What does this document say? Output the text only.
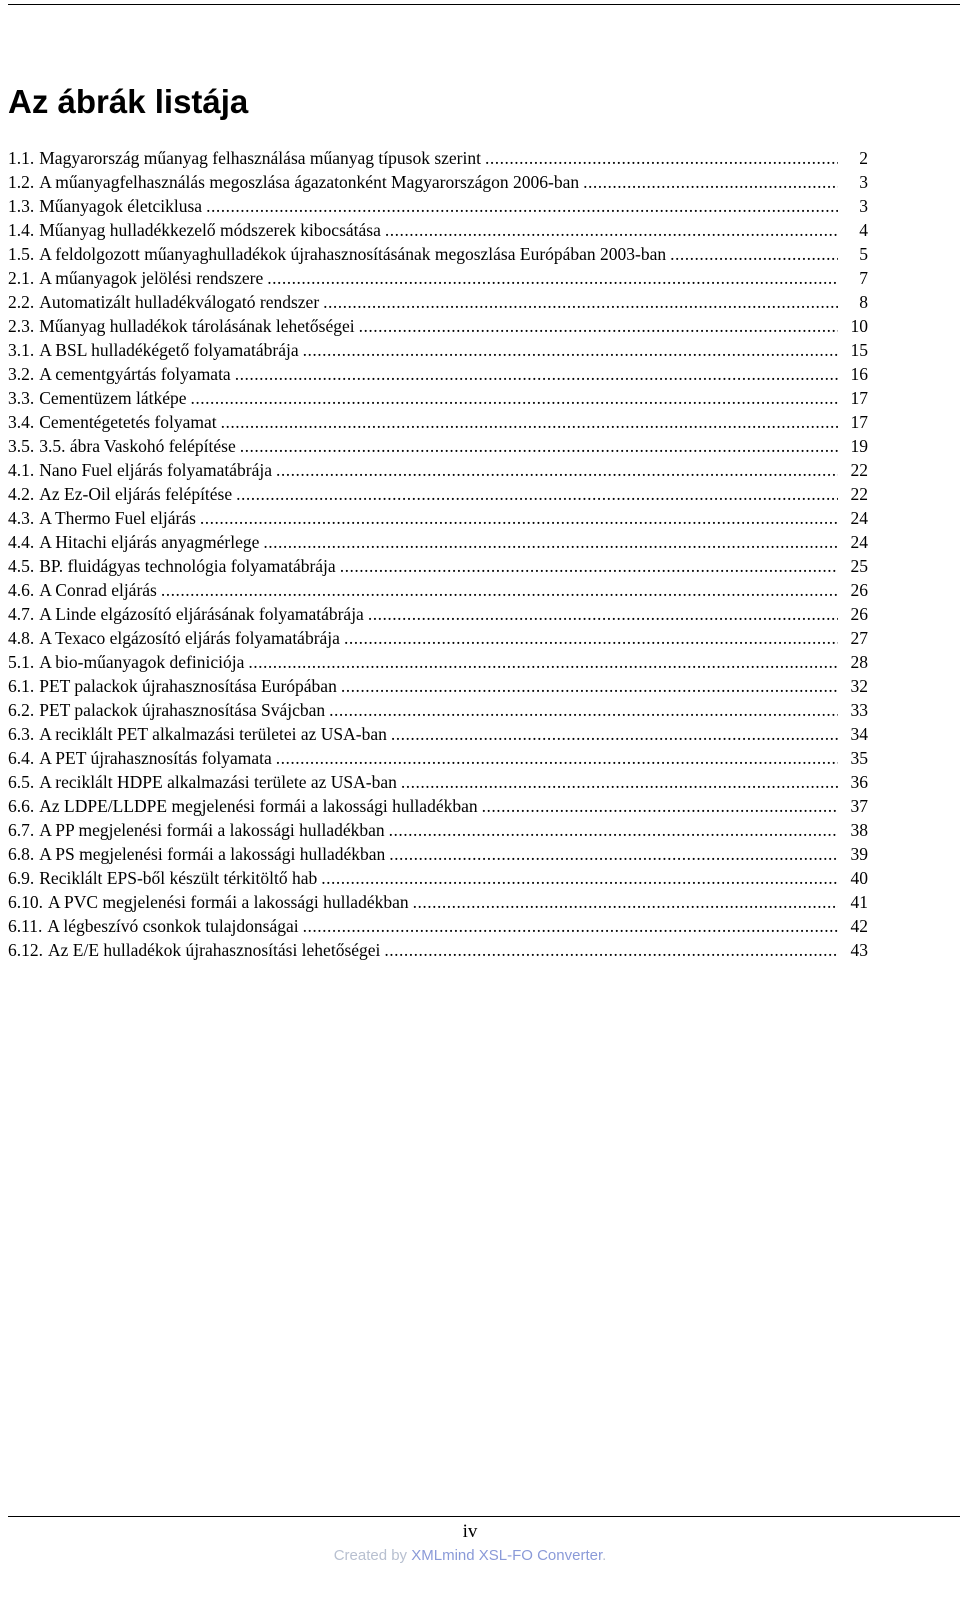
Az ábrák listája
1.1. Magyarország műanyag felhasználása műanyag típusok szerint .....	2
1.2. A műanyagfelhasználás megoszlása ágazatonként Magyarországon 2006-ban .....	3
1.3. Műanyagok életciklusa .....	3
1.4. Műanyag hulladékkezelő módszerek kibocsátása .....	4
1.5. A feldolgozott műanyaghulladékok újrahasznosításának megoszlása Európában 2003-ban .....	5
2.1. A műanyagok jelölési rendszere .....	7
2.2. Automatizált hulladékválogató rendszer .....	8
2.3. Műanyag hulladékok tárolásának lehetőségei .....	10
3.1. A BSL hulladékégető folyamatábrája .....	15
3.2. A cementgyártás folyamata .....	16
3.3. Cementüzem látképe .....	17
3.4. Cementégetetés folyamat .....	17
3.5. 3.5. ábra Vaskohó felépítése .....	19
4.1. Nano Fuel eljárás folyamatábrája .....	22
4.2. Az Ez-Oil eljárás felépítése .....	22
4.3. A Thermo Fuel eljárás .....	24
4.4. A Hitachi eljárás anyagmérlege .....	24
4.5. BP. fluidágyas technológia folyamatábrája .....	25
4.6. A Conrad eljárás .....	26
4.7. A Linde elgázosító eljárásának folyamatábrája .....	26
4.8. A Texaco elgázosító eljárás folyamatábrája .....	27
5.1. A bio-műanyagok definiciója .....	28
6.1. PET palackok újrahasznosítása Európában .....	32
6.2. PET palackok újrahasznosítása Svájcban .....	33
6.3. A reciklált PET alkalmazási területei az USA-ban .....	34
6.4. A PET újrahasznosítás folyamata .....	35
6.5. A reciklált HDPE alkalmazási területe az USA-ban .....	36
6.6. Az LDPE/LLDPE megjelenési formái a lakossági hulladékban .....	37
6.7. A PP megjelenési formái a lakossági hulladékban .....	38
6.8. A PS megjelenési formái a lakossági hulladékban .....	39
6.9. Reciklált EPS-ből készült térkitöltő hab .....	40
6.10. A PVC megjelenési formái a lakossági hulladékban .....	41
6.11. A légbeszívó csonkok tulajdonságai .....	42
6.12. Az E/E hulladékok újrahasznosítási lehetőségei .....	43
iv
Created by XMLmind XSL-FO Converter.
